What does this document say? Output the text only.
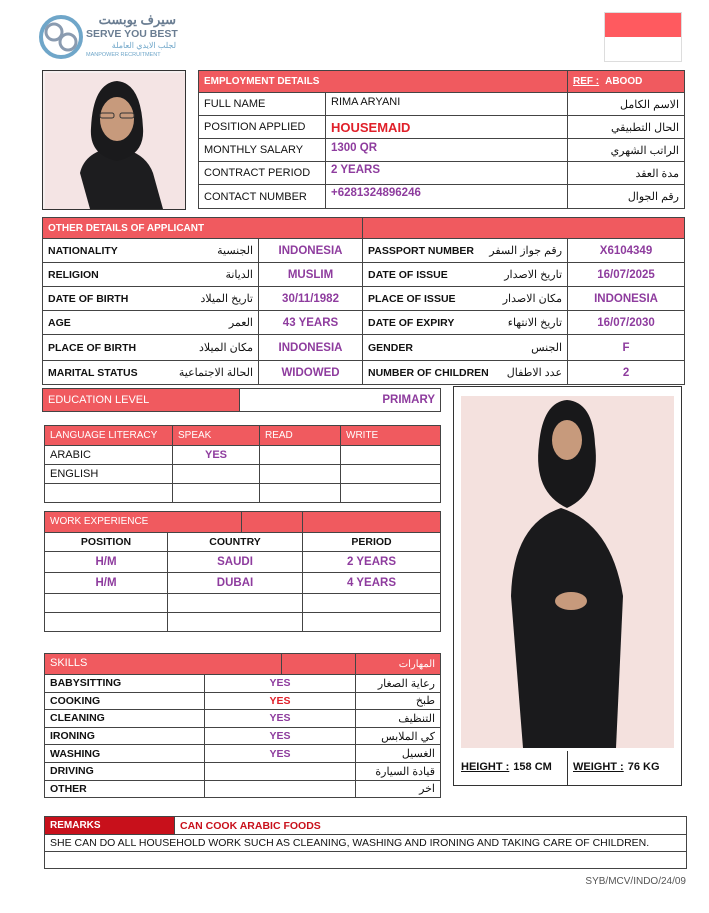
سيرف يوبست
SERVE YOU BEST
لجلب الايدي العاملة
MANPOWER RECRUITMENT
EMPLOYMENT DETAILS		REF : ABOOD
FULL NAME	RIMA ARYANI	الاسم الكامل
POSITION APPLIED	HOUSEMAID	الحال التطبيقي
MONTHLY SALARY	1300 QR	الراتب الشهري
CONTRACT PERIOD	2 YEARS	مدة العقد
CONTACT NUMBER	+6281324896246	رقم الجوال
OTHER DETAILS OF APPLICANT			

NATIONALITY الجنسية	INDONESIA	PASSPORT NUMBER رقم جواز السفر	X6104349

RELIGION الديانة	MUSLIM	DATE OF ISSUE تاريخ الاصدار	16/07/2025

DATE OF BIRTH تاريخ الميلاد	30/11/1982	PLACE OF ISSUE مكان الاصدار	INDONESIA

AGE العمر	43 YEARS	DATE OF EXPIRY تاريخ الانتهاء	16/07/2030

PLACE OF BIRTH مكان الميلاد	INDONESIA	GENDER الجنس	F

MARITAL STATUS الحالة الاجتماعية	WIDOWED	NUMBER OF CHILDREN عدد الاطفال	2
EDUCATION LEVEL	PRIMARY
LANGUAGE LITERACY	SPEAK	READ	WRITE
ARABIC	YES		
ENGLISH			

WORK EXPERIENCE		

POSITION	COUNTRY	PERIOD
H/M	SAUDI	2 YEARS
H/M	DUBAI	4 YEARS

SKILLS		المهارات
BABYSITTING	YES	رعاية الصغار
COOKING	YES	طبخ
CLEANING	YES	التنظيف
IRONING	YES	كي الملابس
WASHING	YES	الغسيل
DRIVING		قيادة السيارة
OTHER		اخر
HEIGHT : 158 CM WEIGHT : 76 KG
REMARKS	CAN COOK ARABIC FOODS
SHE CAN DO ALL HOUSEHOLD WORK SUCH AS CLEANING, WASHING AND IRONING AND TAKING CARE OF CHILDREN.

SYB/MCV/INDO/24/09
